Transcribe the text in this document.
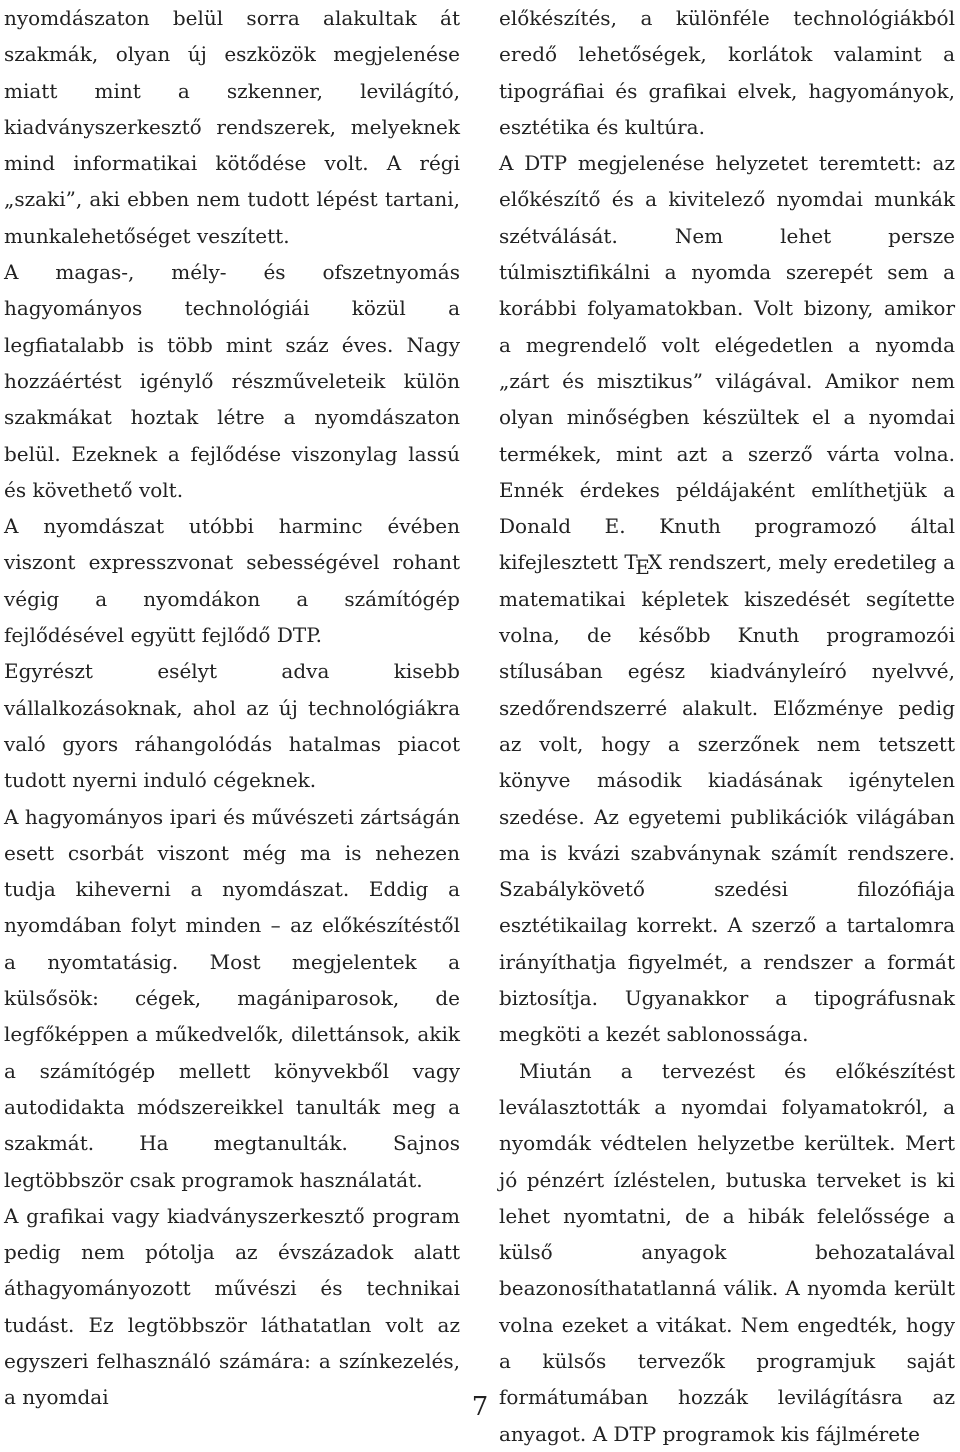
nyomdászaton belül sorra alakultak át szakmák, olyan új eszközök megjelenése miatt mint a szkenner, levilágító, kiadványszerkesztő rendszerek, melyeknek mind informatikai kötődése volt. A régi „szaki”, aki ebben nem tudott lépést tartani, munkalehetőséget veszített.

A magas-, mély- és ofszetnyomás hagyományos technológiái közül a legfiatalabb is több mint száz éves. Nagy hozzáértést igénylő részműveleteik külön szakmákat hoztak létre a nyomdászaton belül. Ezeknek a fejlődése viszonylag lassú és követhető volt.

A nyomdászat utóbbi harminc évében viszont expresszvonat sebességével rohant végig a nyomdákon a számítógép fejlődésével együtt fejlődő DTP.

Egyrészt esélyt adva kisebb vállalkozásoknak, ahol az új technológiákra való gyors ráhangolódás hatalmas piacot tudott nyerni induló cégeknek.

A hagyományos ipari és művészeti zártságán esett csorbát viszont még ma is nehezen tudja kiheverni a nyomdászat. Eddig a nyomdában folyt minden – az előkészítéstől a nyomtatásig. Most megjelentek a külsősök: cégek, magániparosok, de legfőképpen a műkedvelők, dilettánsok, akik a számítógép mellett könyvekből vagy autodidakta módszereikkel tanulták meg a szakmát. Ha megtanulták. Sajnos legtöbbször csak programok használatát.

A grafikai vagy kiadványszerkesztő program pedig nem pótolja az évszázadok alatt áthagyományozott művészi és technikai tudást. Ez legtöbbször láthatatlan volt az egyszeri felhasználó számára: a színkezelés, a nyomdai

előkészítés, a különféle technológiákból eredő lehetőségek, korlátok valamint a tipográfiai és grafikai elvek, hagyományok, esztétika és kultúra.

A DTP megjelenése helyzetet teremtett: az előkészítő és a kivitelező nyomdai munkák szétválását. Nem lehet persze túlmisztifikálni a nyomda szerepét sem a korábbi folyamatokban. Volt bizony, amikor a megrendelő volt elégedetlen a nyomda „zárt és misztikus” világával. Amikor nem olyan minőségben készültek el a nyomdai termékek, mint azt a szerző várta volna. Ennék érdekes példájaként említhetjük a Donald E. Knuth programozó által kifejlesztett TEX rendszert, mely eredetileg a matematikai képletek kiszedését segítette volna, de később Knuth programozói stílusában egész kiadványleíró nyelvvé, szedőrendszerré alakult. Előzménye pedig az volt, hogy a szerzőnek nem tetszett könyve második kiadásának igénytelen szedése. Az egyetemi publikációk világában ma is kvázi szabványnak számít rendszere. Szabálykövető szedési filozófiája esztétikailag korrekt. A szerző a tartalomra irányíthatja figyelmét, a rendszer a formát biztosítja. Ugyanakkor a tipográfusnak megköti a kezét sablonossága.

Miután a tervezést és előkészítést leválasztották a nyomdai folyamatokról, a nyomdák védtelen helyzetbe kerültek. Mert jó pénzért ízléstelen, butuska terveket is ki lehet nyomtatni, de a hibák felelőssége a külső anyagok behozatalával beazonosíthatatlanná válik. A nyomda került volna ezeket a vitákat. Nem engedték, hogy a külsős tervezők programjuk saját formátumában hozzák levilágításra az anyagot. A DTP programok kis fájlmérete

7
